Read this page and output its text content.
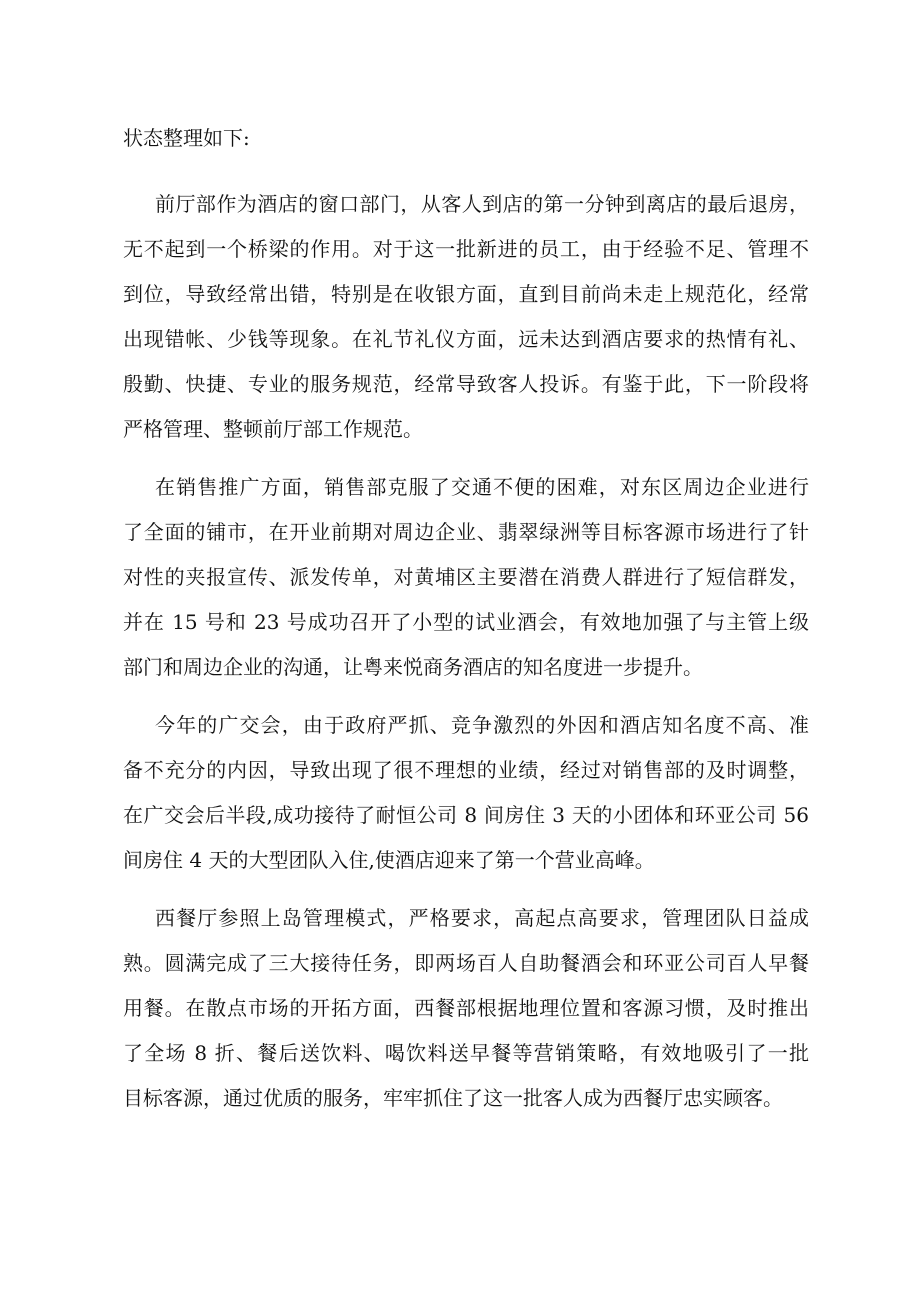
状态整理如下:

前厅部作为酒店的窗口部门，从客人到店的第一分钟到离店的最后退房，
无不起到一个桥梁的作用。对于这一批新进的员工，由于经验不足、管理不
到位，导致经常出错，特别是在收银方面，直到目前尚未走上规范化，经常
出现错帐、少钱等现象。在礼节礼仪方面，远未达到酒店要求的热情有礼、
殷勤、快捷、专业的服务规范，经常导致客人投诉。有鉴于此，下一阶段将
严格管理、整顿前厅部工作规范。

在销售推广方面，销售部克服了交通不便的困难，对东区周边企业进行
了全面的铺市，在开业前期对周边企业、翡翠绿洲等目标客源市场进行了针
对性的夹报宣传、派发传单，对黄埔区主要潜在消费人群进行了短信群发，
并在 15 号和 23 号成功召开了小型的试业酒会，有效地加强了与主管上级
部门和周边企业的沟通，让粤来悦商务酒店的知名度进一步提升。

今年的广交会，由于政府严抓、竞争激烈的外因和酒店知名度不高、准
备不充分的内因，导致出现了很不理想的业绩，经过对销售部的及时调整，
在广交会后半段,成功接待了耐恒公司 8 间房住 3 天的小团体和环亚公司 56
间房住 4 天的大型团队入住,使酒店迎来了第一个营业高峰。

西餐厅参照上岛管理模式，严格要求，高起点高要求，管理团队日益成
熟。圆满完成了三大接待任务，即两场百人自助餐酒会和环亚公司百人早餐
用餐。在散点市场的开拓方面，西餐部根据地理位置和客源习惯，及时推出
了全场 8 折、餐后送饮料、喝饮料送早餐等营销策略，有效地吸引了一批
目标客源，通过优质的服务，牢牢抓住了这一批客人成为西餐厅忠实顾客。
